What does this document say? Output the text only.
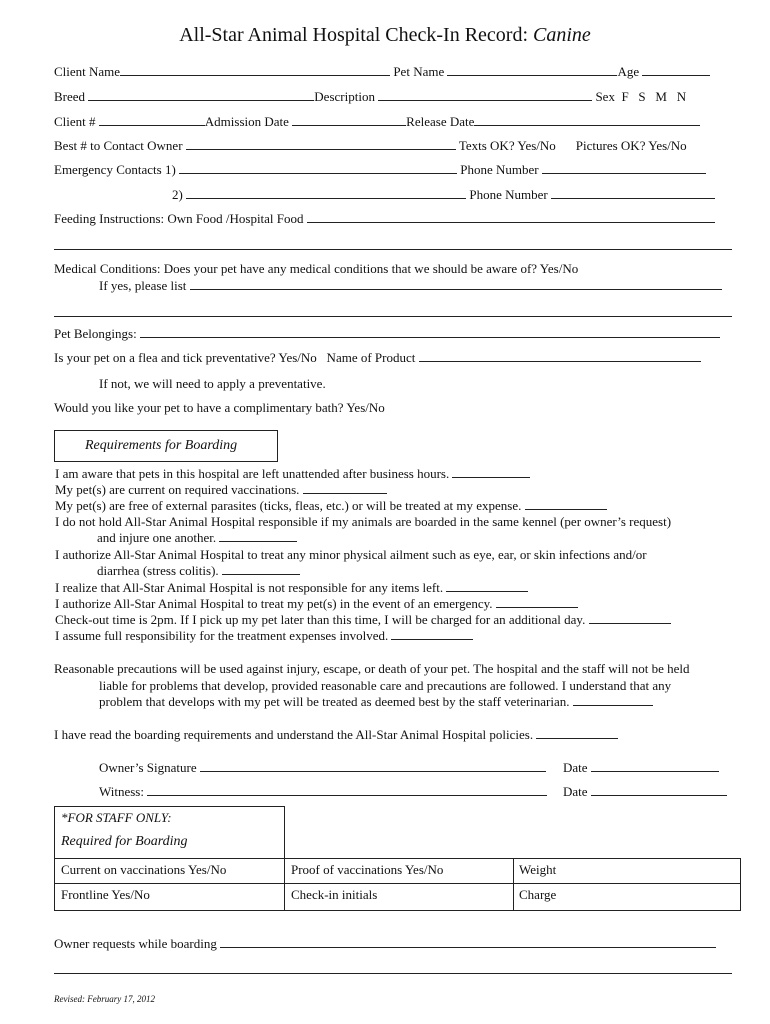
All-Star Animal Hospital Check-In Record: Canine
Client Name	Pet Name	Age
Breed	Description	Sex  F   S   M   N
Client #	Admission Date	Release Date
Best # to Contact Owner	Texts OK? Yes/No Pictures OK? Yes/No
Emergency Contacts 1)	Phone Number
2)	Phone Number
Feeding Instructions: Own Food /Hospital Food
Medical Conditions: Does your pet have any medical conditions that we should be aware of? Yes/No
If yes, please list
Pet Belongings:
Is your pet on a flea and tick preventative? Yes/No   Name of Product
If not, we will need to apply a preventative.
Would you like your pet to have a complimentary bath? Yes/No
Requirements for Boarding
I am aware that pets in this hospital are left unattended after business hours.
My pet(s) are current on required vaccinations.
My pet(s) are free of external parasites (ticks, fleas, etc.) or will be treated at my expense.
I do not hold All-Star Animal Hospital responsible if my animals are boarded in the same kennel (per owner’s request)
and injure one another.
I authorize All-Star Animal Hospital to treat any minor physical ailment such as eye, ear, or skin infections and/or
diarrhea (stress colitis).
I realize that All-Star Animal Hospital is not responsible for any items left.
I authorize All-Star Animal Hospital to treat my pet(s) in the event of an emergency.
Check-out time is 2pm. If I pick up my pet later than this time, I will be charged for an additional day.
I assume full responsibility for the treatment expenses involved.
Reasonable precautions will be used against injury, escape, or death of your pet. The hospital and the staff will not be held
liable for problems that develop, provided reasonable care and precautions are followed. I understand that any
problem that develops with my pet will be treated as deemed best by the staff veterinarian.
I have read the boarding requirements and understand the All-Star Animal Hospital policies.
Owner’s Signature	Date
Witness:	Date
*FOR STAFF ONLY:
Required for Boarding
Current on vaccinations Yes/No	Proof of vaccinations Yes/No	Weight
Frontline Yes/No	Check-in initials	Charge
Owner requests while boarding
Revised: February 17, 2012
